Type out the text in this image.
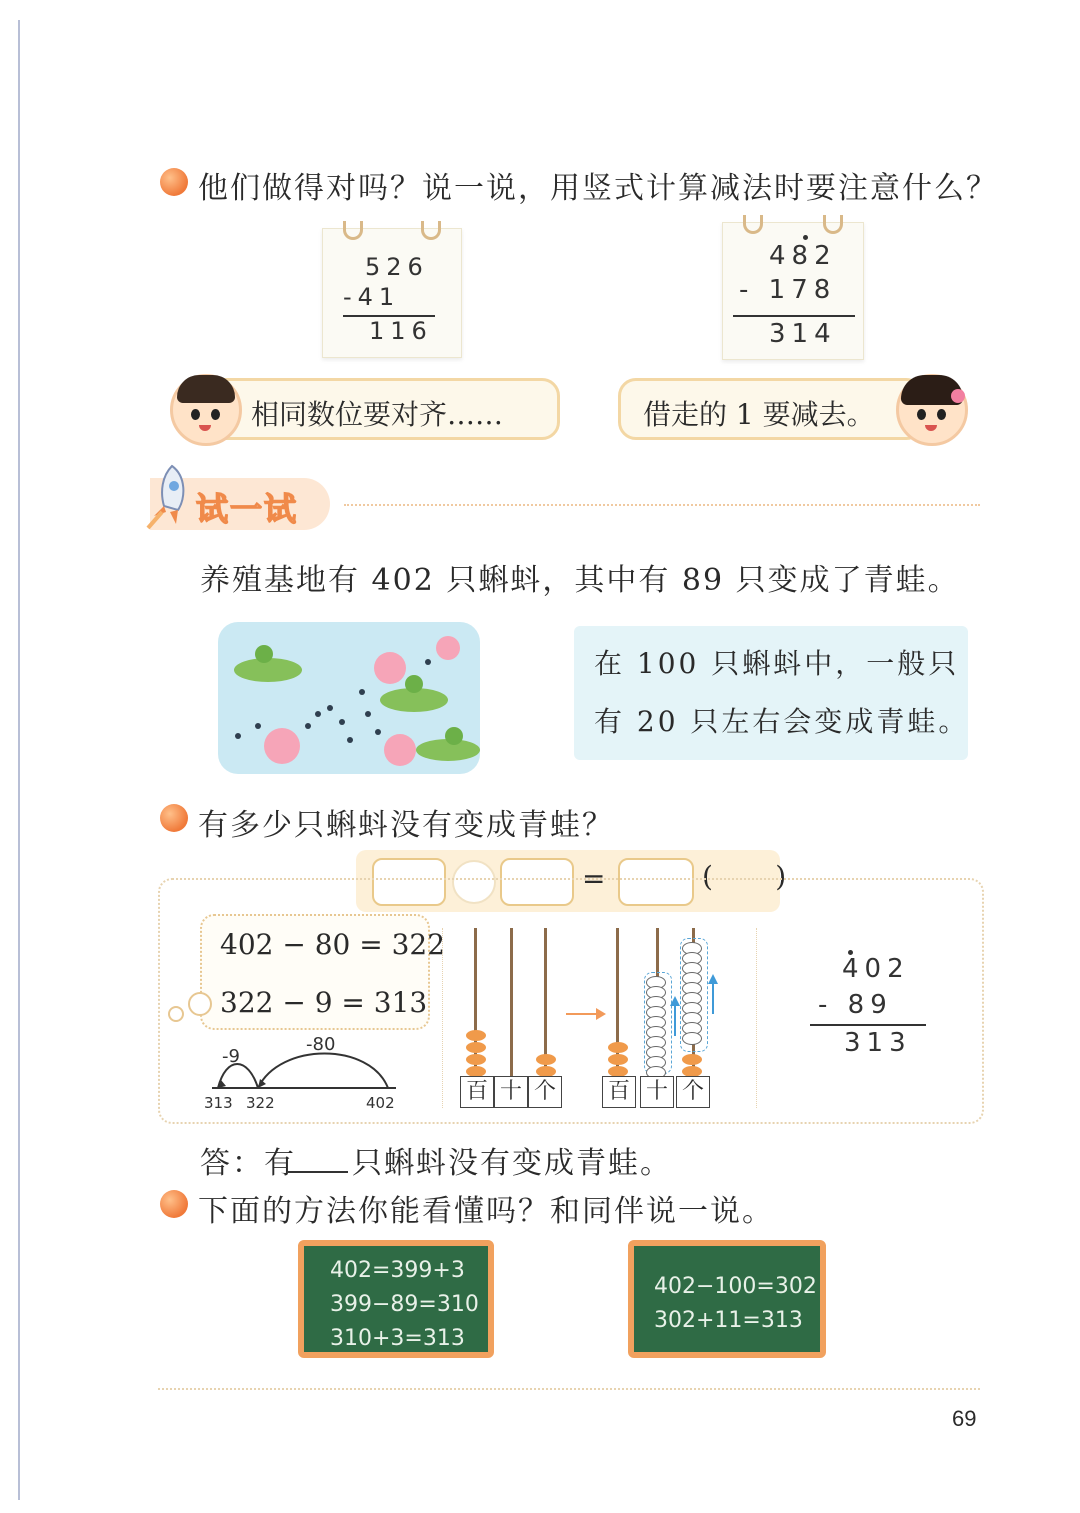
他们做得对吗？说一说，用竖式计算减法时要注意什么？
526
-41
116
482
- 178
314
相同数位要对齐……	借走的 1 要减去。
试一试
养殖基地有 402 只蝌蚪，其中有 89 只变成了青蛙。
在 100 只蝌蚪中，一般只
有 20 只左右会变成青蛙。
有多少只蝌蚪没有变成青蛙？
=	(       )
402 − 80 = 322
322 − 9 = 313
-9
-80
313 322	402	百 十 个 百 十 个
402
- 89
313
答：有 只蝌蚪没有变成青蛙。
下面的方法你能看懂吗？和同伴说一说。
402=399+3
399−89=310
310+3=313
402−100=302
302+11=313
69
